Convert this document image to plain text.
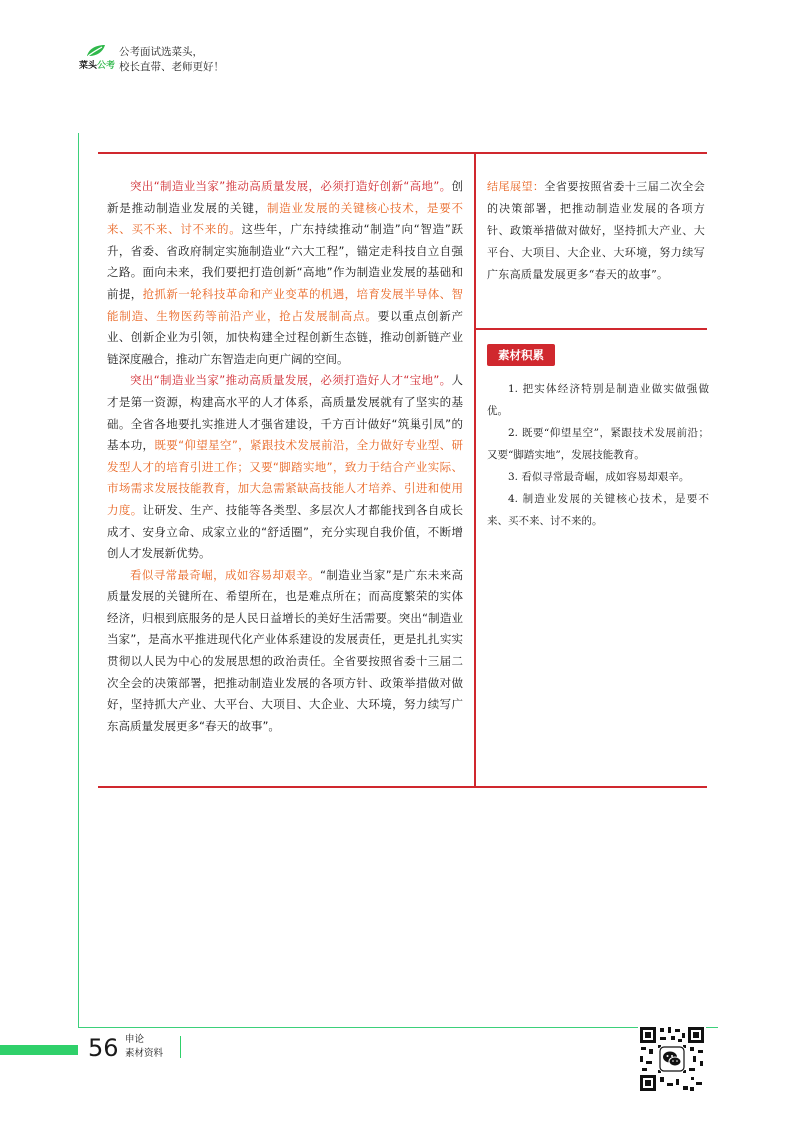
菜头公考
公考面试选菜头，
校长直带、老师更好！

突出“制造业当家”推动高质量发展，必须打造好创新“高地”。创新是推动制造业发展的关键，制造业发展的关键核心技术，是要不来、买不来、讨不来的。这些年，广东持续推动“制造”向“智造”跃升，省委、省政府制定实施制造业“六大工程”，锚定走科技自立自强之路。面向未来，我们要把打造创新“高地”作为制造业发展的基础和前提，抢抓新一轮科技革命和产业变革的机遇，培育发展半导体、智能制造、生物医药等前沿产业，抢占发展制高点。要以重点创新产业、创新企业为引领，加快构建全过程创新生态链，推动创新链产业链深度融合，推动广东智造走向更广阔的空间。

突出“制造业当家”推动高质量发展，必须打造好人才“宝地”。人才是第一资源，构建高水平的人才体系，高质量发展就有了坚实的基础。全省各地要扎实推进人才强省建设，千方百计做好“筑巢引凤”的基本功，既要“仰望星空”，紧跟技术发展前沿，全力做好专业型、研发型人才的培育引进工作；又要“脚踏实地”，致力于结合产业实际、市场需求发展技能教育，加大急需紧缺高技能人才培养、引进和使用力度。让研发、生产、技能等各类型、多层次人才都能找到各自成长成才、安身立命、成家立业的“舒适圈”，充分实现自我价值，不断增创人才发展新优势。

看似寻常最奇崛，成如容易却艰辛。“制造业当家”是广东未来高质量发展的关键所在、希望所在，也是难点所在；而高度繁荣的实体经济，归根到底服务的是人民日益增长的美好生活需要。突出“制造业当家”，是高水平推进现代化产业体系建设的发展责任，更是扎扎实实贯彻以人民为中心的发展思想的政治责任。全省要按照省委十三届二次全会的决策部署，把推动制造业发展的各项方针、政策举措做对做好，坚持抓大产业、大平台、大项目、大企业、大环境，努力续写广东高质量发展更多“春天的故事”。

结尾展望：全省要按照省委十三届二次全会的决策部署，把推动制造业发展的各项方针、政策举措做对做好，坚持抓大产业、大平台、大项目、大企业、大环境，努力续写广东高质量发展更多“春天的故事”。
素材积累

1. 把实体经济特别是制造业做实做强做优。

2. 既要“仰望星空”，紧跟技术发展前沿；又要“脚踏实地”，发展技能教育。

3. 看似寻常最奇崛，成如容易却艰辛。

4. 制造业发展的关键核心技术，是要不来、买不来、讨不来的。

56 申论
素材资料
